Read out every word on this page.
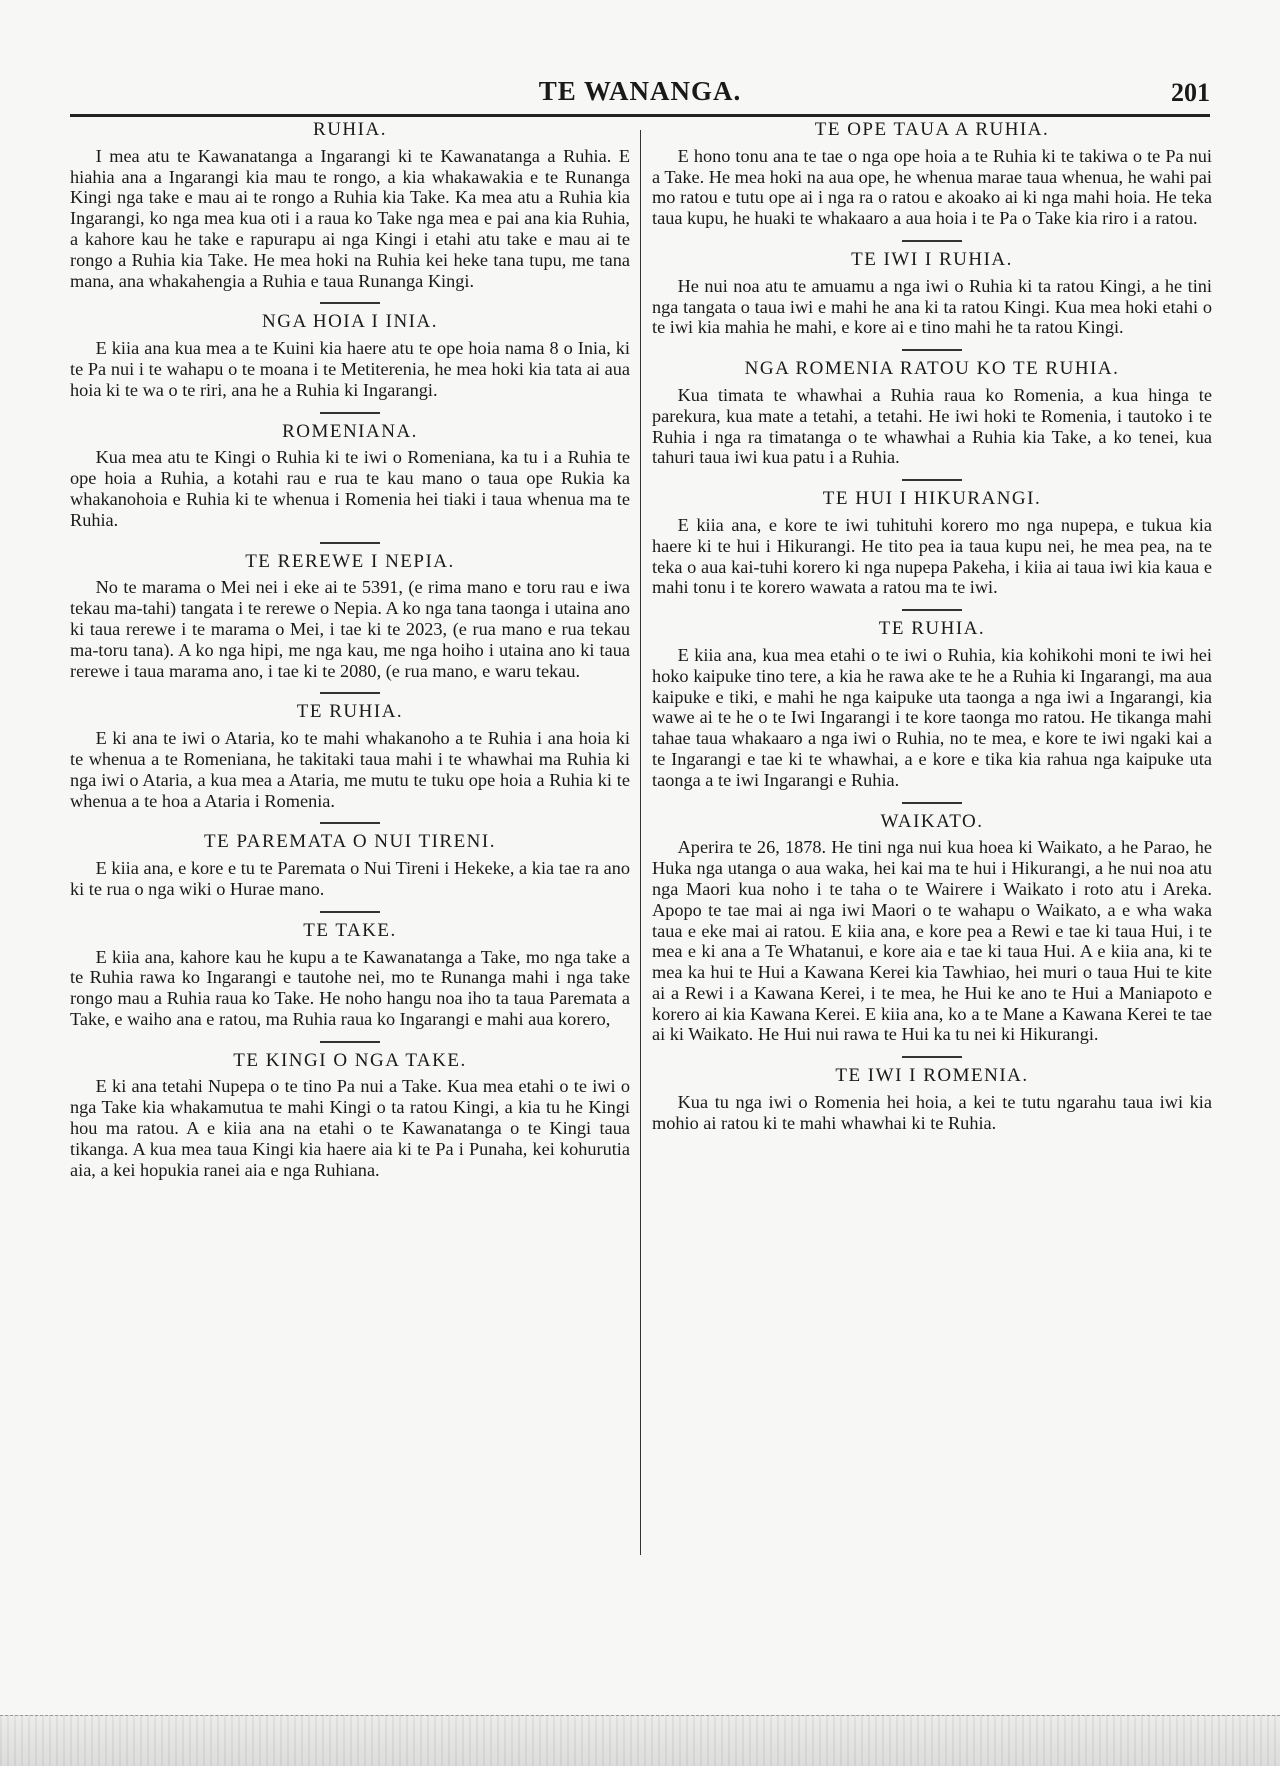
TE WANANGA.	201
RUHIA.

I mea atu te Kawanatanga a Ingarangi ki te Kawanatanga a Ruhia. E hiahia ana a Ingarangi kia mau te rongo, a kia whakawakia e te Runanga Kingi nga take e mau ai te rongo a Ruhia kia Take. Ka mea atu a Ruhia kia Ingarangi, ko nga mea kua oti i a raua ko Take nga mea e pai ana kia Ruhia, a kahore kau he take e rapurapu ai nga Kingi i etahi atu take e mau ai te rongo a Ruhia kia Take. He mea hoki na Ruhia kei heke tana tupu, me tana mana, ana whakahengia a Ruhia e taua Runanga Kingi.

NGA HOIA I INIA.

E kiia ana kua mea a te Kuini kia haere atu te ope hoia nama 8 o Inia, ki te Pa nui i te wahapu o te moana i te Metiterenia, he mea hoki kia tata ai aua hoia ki te wa o te riri, ana he a Ruhia ki Ingarangi.

ROMENIANA.

Kua mea atu te Kingi o Ruhia ki te iwi o Romeniana, ka tu i a Ruhia te ope hoia a Ruhia, a kotahi rau e rua te kau mano o taua ope Rukia ka whakanohoia e Ruhia ki te whenua i Romenia hei tiaki i taua whenua ma te Ruhia.

TE REREWE I NEPIA.

No te marama o Mei nei i eke ai te 5391, (e rima mano e toru rau e iwa tekau ma-tahi) tangata i te rerewe o Nepia. A ko nga tana taonga i utaina ano ki taua rerewe i te marama o Mei, i tae ki te 2023, (e rua mano e rua tekau ma-toru tana). A ko nga hipi, me nga kau, me nga hoiho i utaina ano ki taua rerewe i taua marama ano, i tae ki te 2080, (e rua mano, e waru tekau.

TE RUHIA.

E ki ana te iwi o Ataria, ko te mahi whakanoho a te Ruhia i ana hoia ki te whenua a te Romeniana, he takitaki taua mahi i te whawhai ma Ruhia ki nga iwi o Ataria, a kua mea a Ataria, me mutu te tuku ope hoia a Ruhia ki te whenua a te hoa a Ataria i Romenia.

TE PAREMATA O NUI TIRENI.

E kiia ana, e kore e tu te Paremata o Nui Tireni i Hekeke, a kia tae ra ano ki te rua o nga wiki o Hurae mano.

TE TAKE.

E kiia ana, kahore kau he kupu a te Kawanatanga a Take, mo nga take a te Ruhia rawa ko Ingarangi e tautohe nei, mo te Runanga mahi i nga take rongo mau a Ruhia raua ko Take. He noho hangu noa iho ta taua Paremata a Take, e waiho ana e ratou, ma Ruhia raua ko Ingarangi e mahi aua korero,

TE KINGI O NGA TAKE.

E ki ana tetahi Nupepa o te tino Pa nui a Take. Kua mea etahi o te iwi o nga Take kia whakamutua te mahi Kingi o ta ratou Kingi, a kia tu he Kingi hou ma ratou. A e kiia ana na etahi o te Kawanatanga o te Kingi taua tikanga. A kua mea taua Kingi kia haere aia ki te Pa i Punaha, kei kohurutia aia, a kei hopukia ranei aia e nga Ruhiana.

TE OPE TAUA A RUHIA.

E hono tonu ana te tae o nga ope hoia a te Ruhia ki te takiwa o te Pa nui a Take. He mea hoki na aua ope, he whenua marae taua whenua, he wahi pai mo ratou e tutu ope ai i nga ra o ratou e akoako ai ki nga mahi hoia. He teka taua kupu, he huaki te whakaaro a aua hoia i te Pa o Take kia riro i a ratou.

TE IWI I RUHIA.

He nui noa atu te amuamu a nga iwi o Ruhia ki ta ratou Kingi, a he tini nga tangata o taua iwi e mahi he ana ki ta ratou Kingi. Kua mea hoki etahi o te iwi kia mahia he mahi, e kore ai e tino mahi he ta ratou Kingi.

NGA ROMENIA RATOU KO TE RUHIA.

Kua timata te whawhai a Ruhia raua ko Romenia, a kua hinga te parekura, kua mate a tetahi, a tetahi. He iwi hoki te Romenia, i tautoko i te Ruhia i nga ra timatanga o te whawhai a Ruhia kia Take, a ko tenei, kua tahuri taua iwi kua patu i a Ruhia.

TE HUI I HIKURANGI.

E kiia ana, e kore te iwi tuhituhi korero mo nga nupepa, e tukua kia haere ki te hui i Hikurangi. He tito pea ia taua kupu nei, he mea pea, na te teka o aua kai-tuhi korero ki nga nupepa Pakeha, i kiia ai taua iwi kia kaua e mahi tonu i te korero wawata a ratou ma te iwi.

TE RUHIA.

E kiia ana, kua mea etahi o te iwi o Ruhia, kia kohikohi moni te iwi hei hoko kaipuke tino tere, a kia he rawa ake te he a Ruhia ki Ingarangi, ma aua kaipuke e tiki, e mahi he nga kaipuke uta taonga a nga iwi a Ingarangi, kia wawe ai te he o te Iwi Ingarangi i te kore taonga mo ratou. He tikanga mahi tahae taua whakaaro a nga iwi o Ruhia, no te mea, e kore te iwi ngaki kai a te Ingarangi e tae ki te whawhai, a e kore e tika kia rahua nga kaipuke uta taonga a te iwi Ingarangi e Ruhia.

WAIKATO.

Aperira te 26, 1878. He tini nga nui kua hoea ki Waikato, a he Parao, he Huka nga utanga o aua waka, hei kai ma te hui i Hikurangi, a he nui noa atu nga Maori kua noho i te taha o te Wairere i Waikato i roto atu i Areka. Apopo te tae mai ai nga iwi Maori o te wahapu o Waikato, a e wha waka taua e eke mai ai ratou. E kiia ana, e kore pea a Rewi e tae ki taua Hui, i te mea e ki ana a Te Whatanui, e kore aia e tae ki taua Hui. A e kiia ana, ki te mea ka hui te Hui a Kawana Kerei kia Tawhiao, hei muri o taua Hui te kite ai a Rewi i a Kawana Kerei, i te mea, he Hui ke ano te Hui a Maniapoto e korero ai kia Kawana Kerei. E kiia ana, ko a te Mane a Kawana Kerei te tae ai ki Waikato. He Hui nui rawa te Hui ka tu nei ki Hikurangi.

TE IWI I ROMENIA.

Kua tu nga iwi o Romenia hei hoia, a kei te tutu ngarahu taua iwi kia mohio ai ratou ki te mahi whawhai ki te Ruhia.
